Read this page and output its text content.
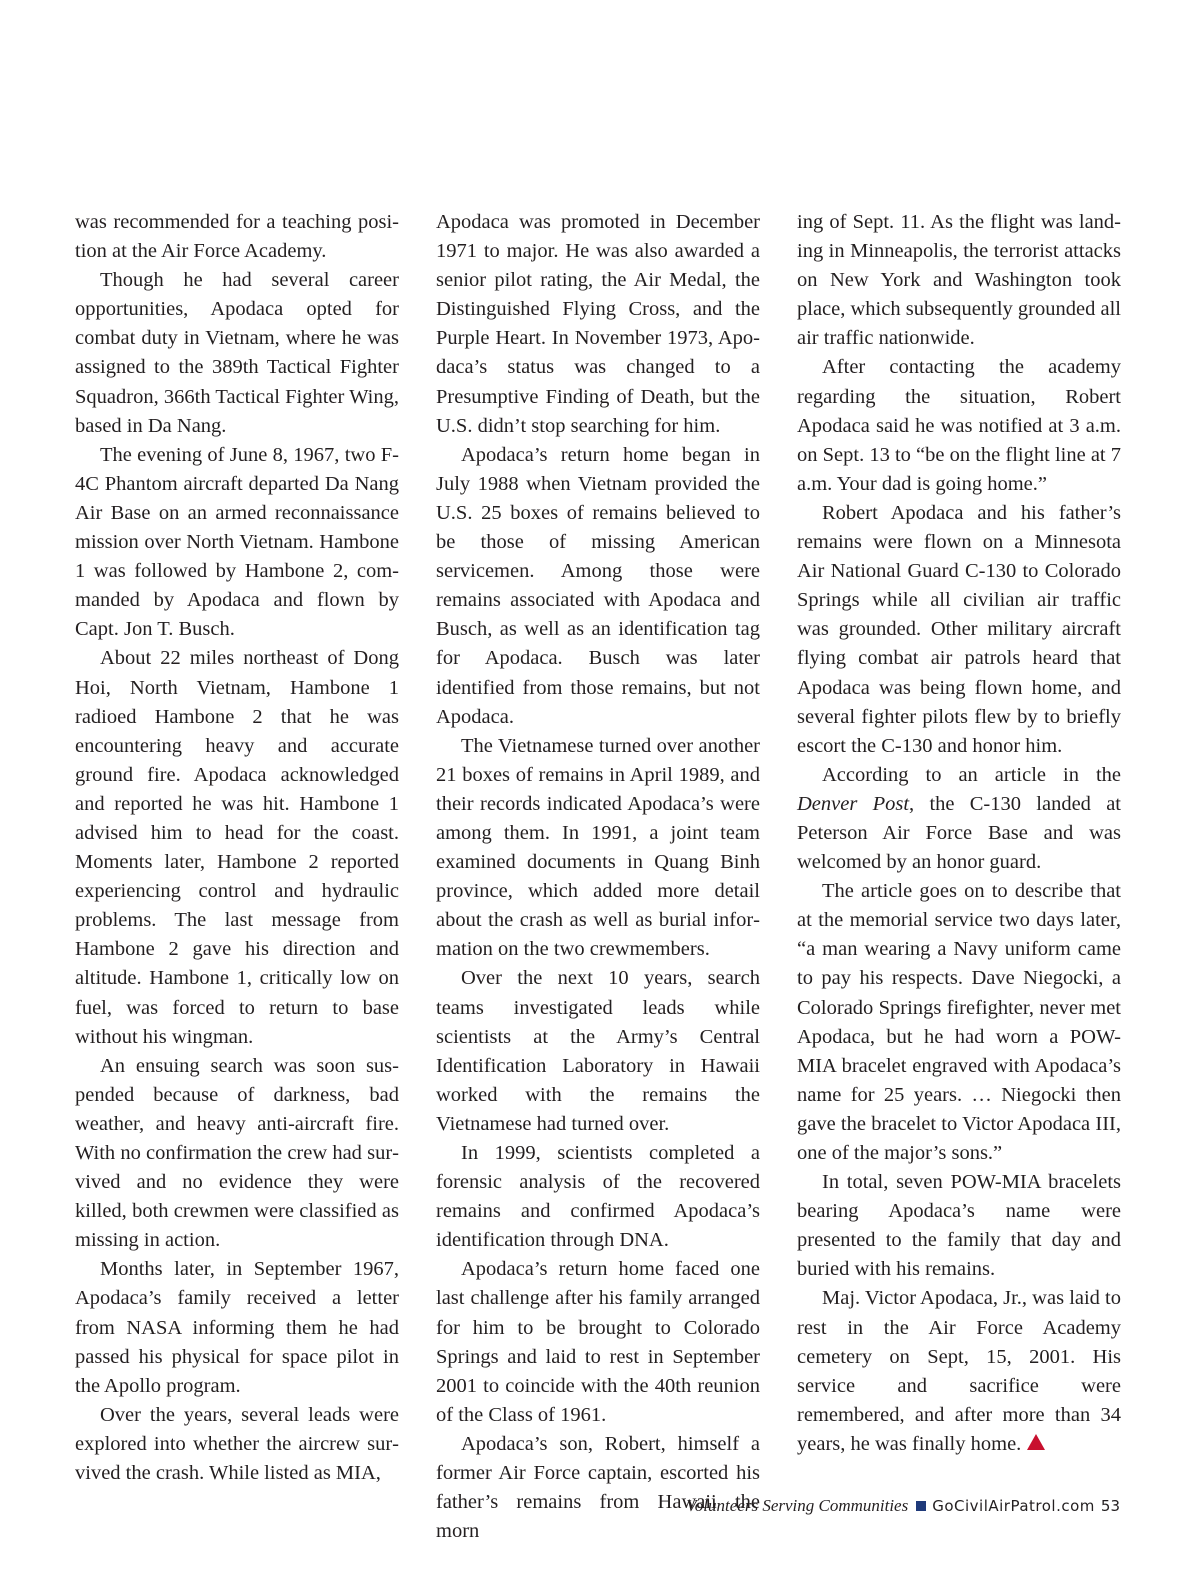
was recommended for a teaching position at the Air Force Academy.

Though he had several career opportunities, Apodaca opted for combat duty in Vietnam, where he was assigned to the 389th Tactical Fighter Squadron, 366th Tactical Fighter Wing, based in Da Nang.

The evening of June 8, 1967, two F-4C Phantom aircraft departed Da Nang Air Base on an armed reconnaissance mission over North Vietnam. Hambone 1 was followed by Hambone 2, commanded by Apodaca and flown by Capt. Jon T. Busch.

About 22 miles northeast of Dong Hoi, North Vietnam, Hambone 1 radioed Hambone 2 that he was encountering heavy and accurate ground fire. Apodaca acknowledged and reported he was hit. Hambone 1 advised him to head for the coast. Moments later, Hambone 2 reported experiencing control and hydraulic problems. The last message from Hambone 2 gave his direction and altitude. Hambone 1, critically low on fuel, was forced to return to base without his wingman.

An ensuing search was soon suspended because of darkness, bad weather, and heavy anti-aircraft fire. With no confirmation the crew had survived and no evidence they were killed, both crewmen were classified as missing in action.

Months later, in September 1967, Apodaca’s family received a letter from NASA informing them he had passed his physical for space pilot in the Apollo program.

Over the years, several leads were explored into whether the aircrew survived the crash. While listed as MIA,

Apodaca was promoted in December 1971 to major. He was also awarded a senior pilot rating, the Air Medal, the Distinguished Flying Cross, and the Purple Heart. In November 1973, Apodaca’s status was changed to a Presumptive Finding of Death, but the U.S. didn’t stop searching for him.

Apodaca’s return home began in July 1988 when Vietnam provided the U.S. 25 boxes of remains believed to be those of missing American servicemen. Among those were remains associated with Apodaca and Busch, as well as an identification tag for Apodaca. Busch was later identified from those remains, but not Apodaca.

The Vietnamese turned over another 21 boxes of remains in April 1989, and their records indicated Apodaca’s were among them. In 1991, a joint team examined documents in Quang Binh province, which added more detail about the crash as well as burial information on the two crewmembers.

Over the next 10 years, search teams investigated leads while scientists at the Army’s Central Identification Laboratory in Hawaii worked with the remains the Vietnamese had turned over.

In 1999, scientists completed a forensic analysis of the recovered remains and confirmed Apodaca’s identification through DNA.

Apodaca’s return home faced one last challenge after his family arranged for him to be brought to Colorado Springs and laid to rest in September 2001 to coincide with the 40th reunion of the Class of 1961.

Apodaca’s son, Robert, himself a former Air Force captain, escorted his father’s remains from Hawaii the morn

ing of Sept. 11. As the flight was landing in Minneapolis, the terrorist attacks on New York and Washington took place, which subsequently grounded all air traffic nationwide.

After contacting the academy regarding the situation, Robert Apodaca said he was notified at 3 a.m. on Sept. 13 to “be on the flight line at 7 a.m. Your dad is going home.”

Robert Apodaca and his father’s remains were flown on a Minnesota Air National Guard C-130 to Colorado Springs while all civilian air traffic was grounded. Other military aircraft flying combat air patrols heard that Apodaca was being flown home, and several fighter pilots flew by to briefly escort the C-130 and honor him.

According to an article in the Denver Post, the C-130 landed at Peterson Air Force Base and was welcomed by an honor guard.

The article goes on to describe that at the memorial service two days later, “a man wearing a Navy uniform came to pay his respects. Dave Niegocki, a Colorado Springs firefighter, never met Apodaca, but he had worn a POW-MIA bracelet engraved with Apodaca’s name for 25 years. … Niegocki then gave the bracelet to Victor Apodaca III, one of the major’s sons.”

In total, seven POW-MIA bracelets bearing Apodaca’s name were presented to the family that day and buried with his remains.

Maj. Victor Apodaca, Jr., was laid to rest in the Air Force Academy cemetery on Sept, 15, 2001. His service and sacrifice were remembered, and after more than 34 years, he was finally home.

Volunteers Serving Communities GoCivilAirPatrol.com 53
